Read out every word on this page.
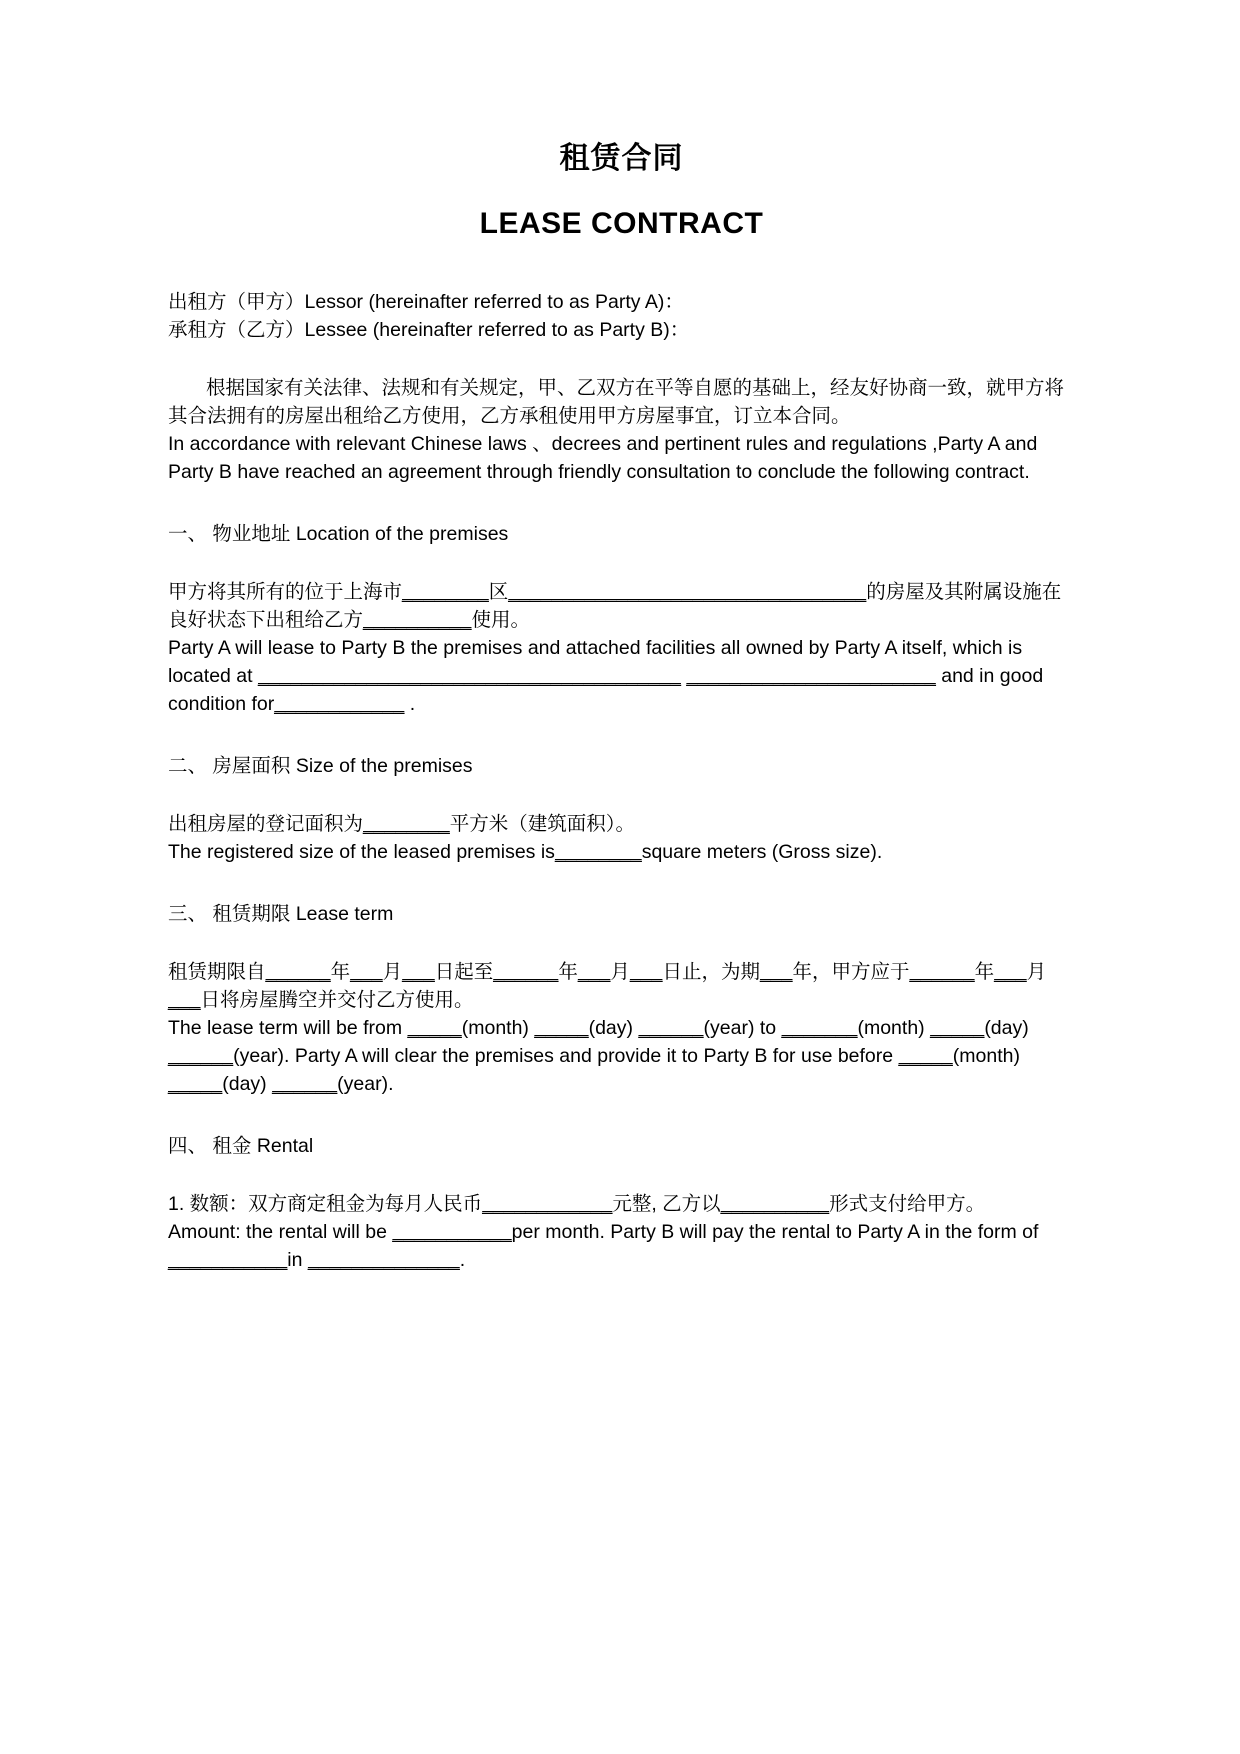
租赁合同
LEASE CONTRACT

出租方（甲方）Lessor (hereinafter referred to as Party A)：

承租方（乙方）Lessee (hereinafter referred to as Party B)：

根据国家有关法律、法规和有关规定，甲、乙双方在平等自愿的基础上，经友好协商一致，就甲方将其合法拥有的房屋出租给乙方使用，乙方承租使用甲方房屋事宜，订立本合同。

In accordance with relevant Chinese laws 、decrees and pertinent rules and regulations ,Party A and Party B have reached an agreement through friendly consultation to conclude the following contract.

一、 物业地址 Location of the premises

甲方将其所有的位于上海市________区_________________________________的房屋及其附属设施在良好状态下出租给乙方__________使用。

Party A will lease to Party B the premises and attached facilities all owned by Party A itself, which is located at _______________________________________ _______________________ and in good condition for____________ .

二、 房屋面积 Size of the premises

出租房屋的登记面积为________平方米（建筑面积）。

The registered size of the leased premises is________square meters (Gross size).

三、 租赁期限 Lease term

租赁期限自______年___月___日起至______年___月___日止，为期___年，甲方应于______年___月___日将房屋腾空并交付乙方使用。

The lease term will be from _____(month) _____(day) ______(year) to _______(month) _____(day) ______(year). Party A will clear the premises and provide it to Party B for use before _____(month) _____(day) ______(year).

四、 租金 Rental

1. 数额：双方商定租金为每月人民币____________元整, 乙方以__________形式支付给甲方。

Amount: the rental will be ___________per month. Party B will pay the rental to Party A in the form of ___________in ______________.
